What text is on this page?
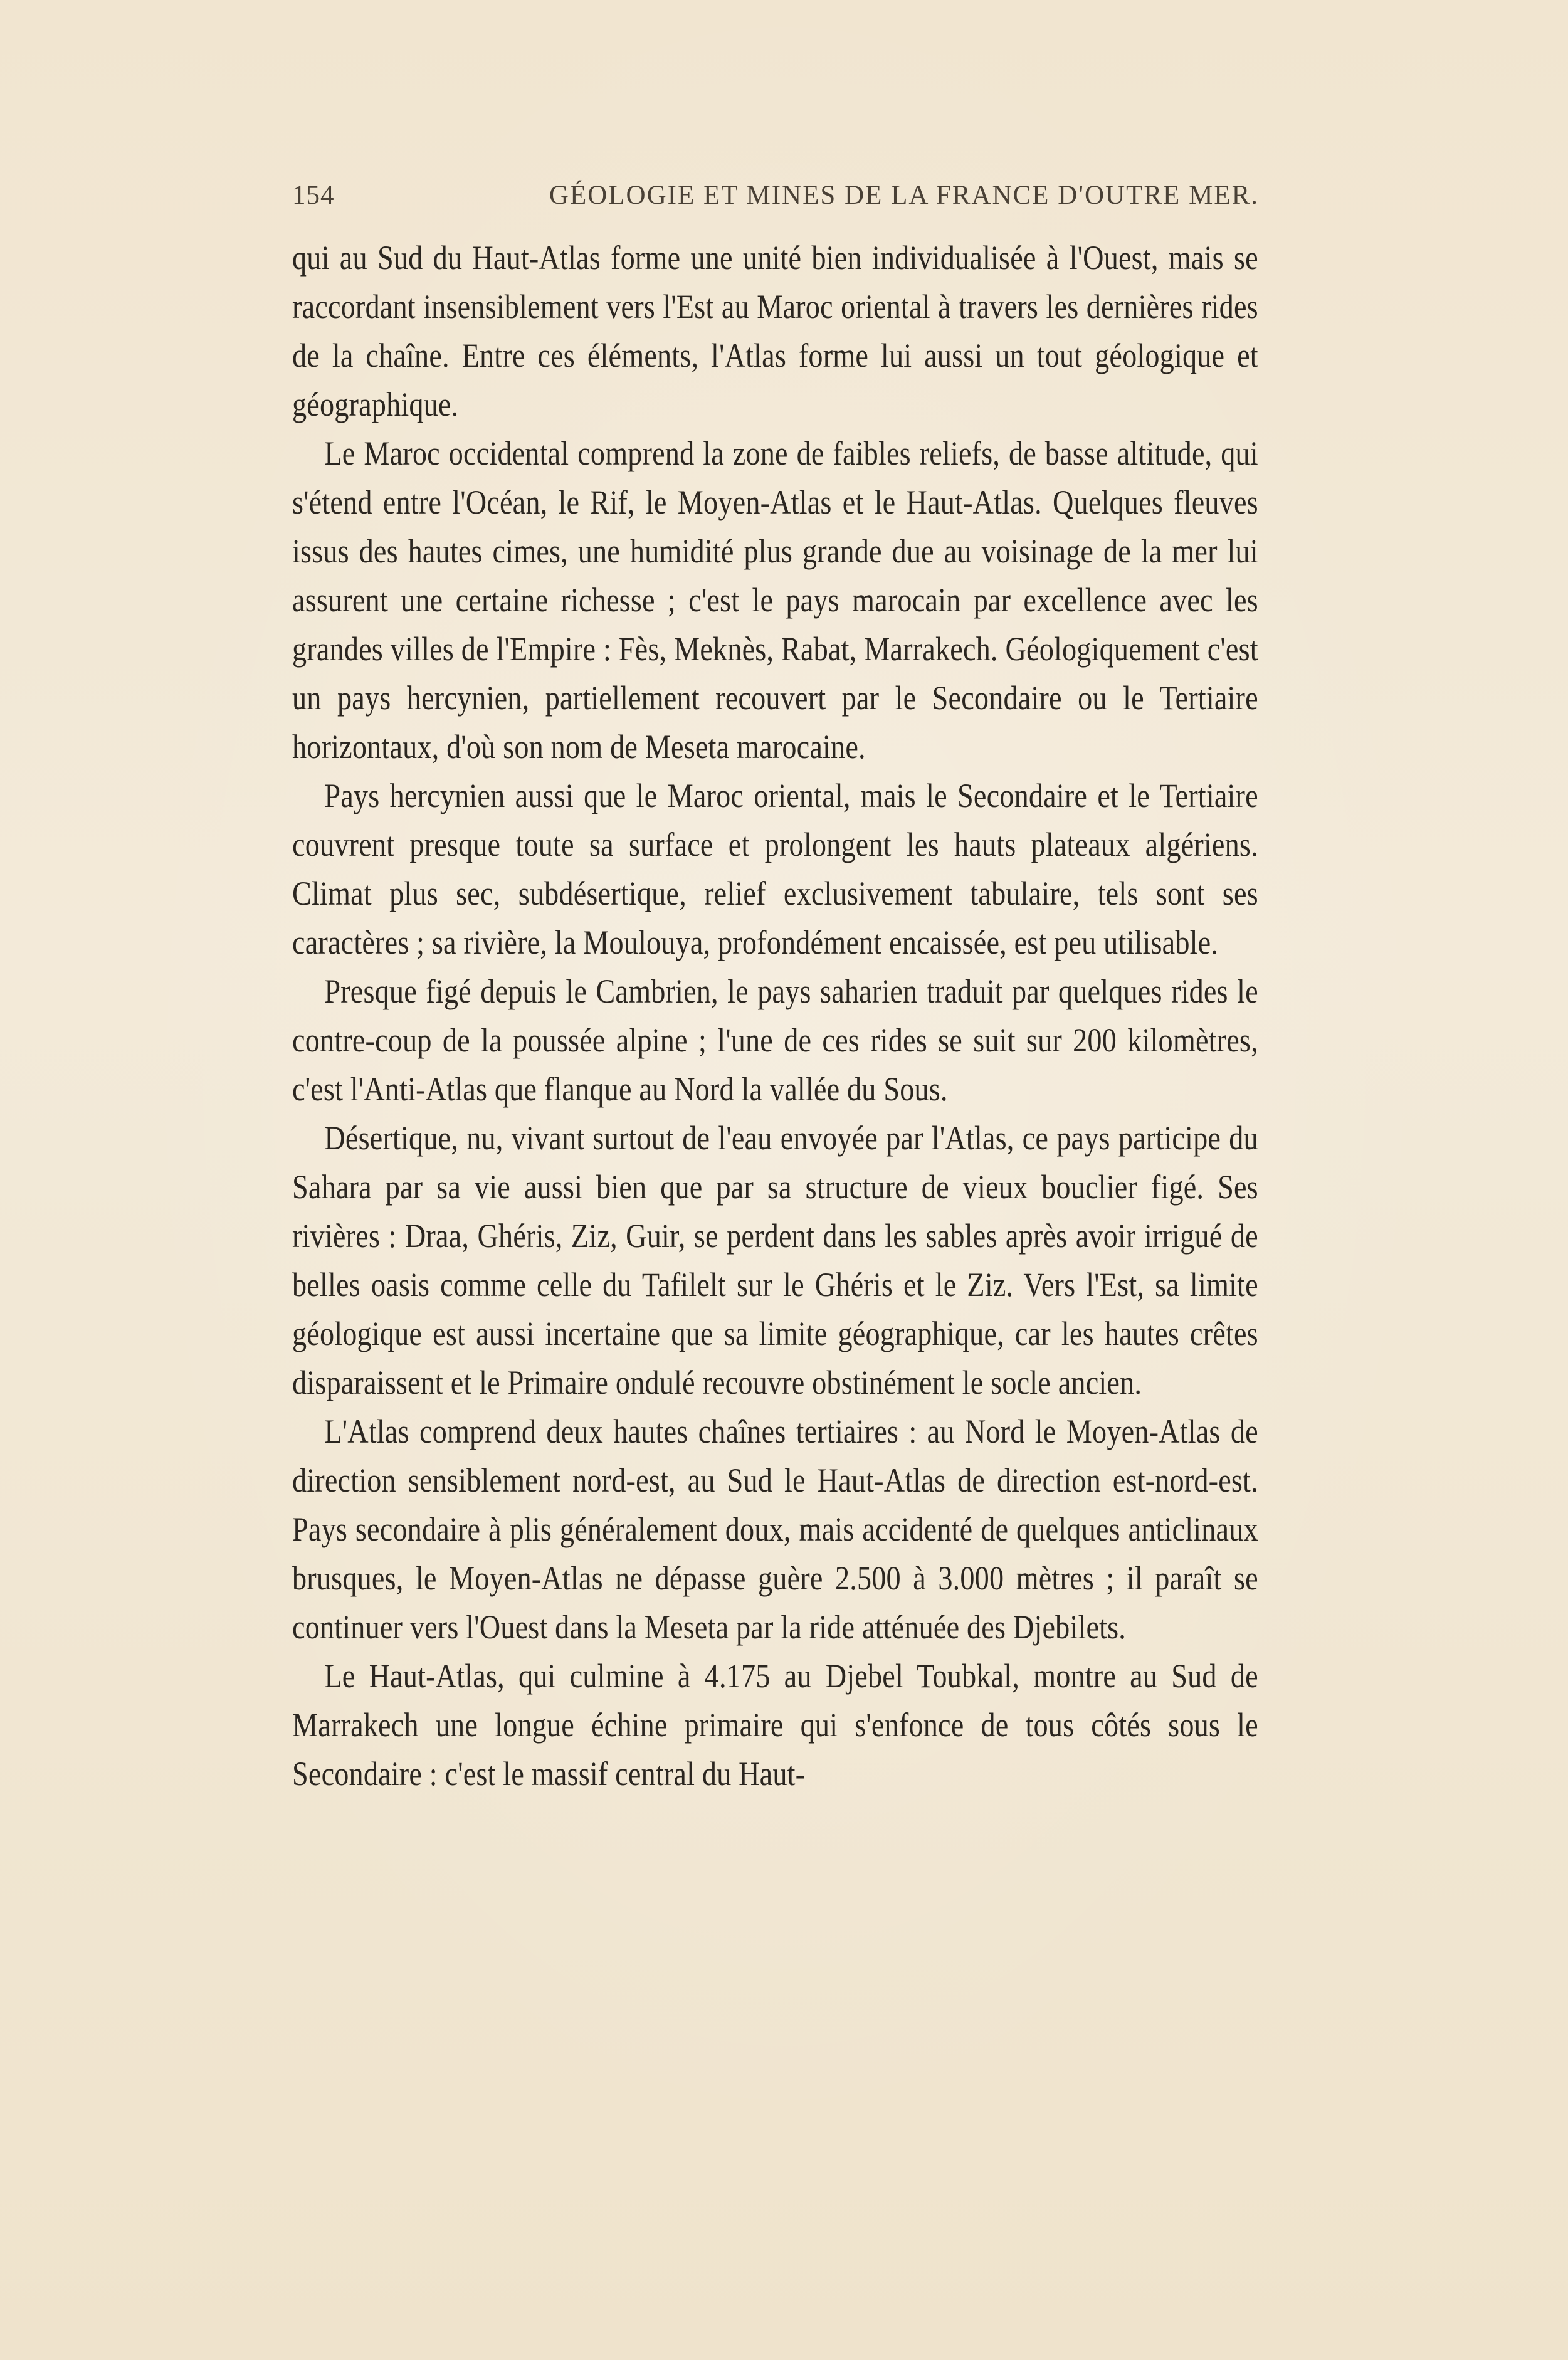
154	GÉOLOGIE ET MINES DE LA FRANCE D'OUTRE MER.

qui au Sud du Haut-Atlas forme une unité bien individualisée à l'Ouest, mais se raccordant insensiblement vers l'Est au Maroc oriental à travers les dernières rides de la chaîne. Entre ces éléments, l'Atlas forme lui aussi un tout géologique et géographique.

Le Maroc occidental comprend la zone de faibles reliefs, de basse altitude, qui s'étend entre l'Océan, le Rif, le Moyen-Atlas et le Haut-Atlas. Quelques fleuves issus des hautes cimes, une humidité plus grande due au voisinage de la mer lui assurent une certaine richesse ; c'est le pays marocain par excellence avec les grandes villes de l'Empire : Fès, Meknès, Rabat, Marrakech. Géologiquement c'est un pays hercynien, partiellement recouvert par le Secondaire ou le Tertiaire horizontaux, d'où son nom de Meseta marocaine.

Pays hercynien aussi que le Maroc oriental, mais le Secondaire et le Tertiaire couvrent presque toute sa surface et prolongent les hauts plateaux algériens. Climat plus sec, subdésertique, relief exclusivement tabulaire, tels sont ses caractères ; sa rivière, la Moulouya, profondément encaissée, est peu utilisable.

Presque figé depuis le Cambrien, le pays saharien traduit par quelques rides le contre-coup de la poussée alpine ; l'une de ces rides se suit sur 200 kilomètres, c'est l'Anti-Atlas que flanque au Nord la vallée du Sous.

Désertique, nu, vivant surtout de l'eau envoyée par l'Atlas, ce pays participe du Sahara par sa vie aussi bien que par sa structure de vieux bouclier figé. Ses rivières : Draa, Ghéris, Ziz, Guir, se perdent dans les sables après avoir irrigué de belles oasis comme celle du Tafilelt sur le Ghéris et le Ziz. Vers l'Est, sa limite géologique est aussi incertaine que sa limite géographique, car les hautes crêtes disparaissent et le Primaire ondulé recouvre obstinément le socle ancien.

L'Atlas comprend deux hautes chaînes tertiaires : au Nord le Moyen-Atlas de direction sensiblement nord-est, au Sud le Haut-Atlas de direction est-nord-est. Pays secondaire à plis généralement doux, mais accidenté de quelques anticlinaux brusques, le Moyen-Atlas ne dépasse guère 2.500 à 3.000 mètres ; il paraît se continuer vers l'Ouest dans la Meseta par la ride atténuée des Djebilets.

Le Haut-Atlas, qui culmine à 4.175 au Djebel Toubkal, montre au Sud de Marrakech une longue échine primaire qui s'enfonce de tous côtés sous le Secondaire : c'est le massif central du Haut-
